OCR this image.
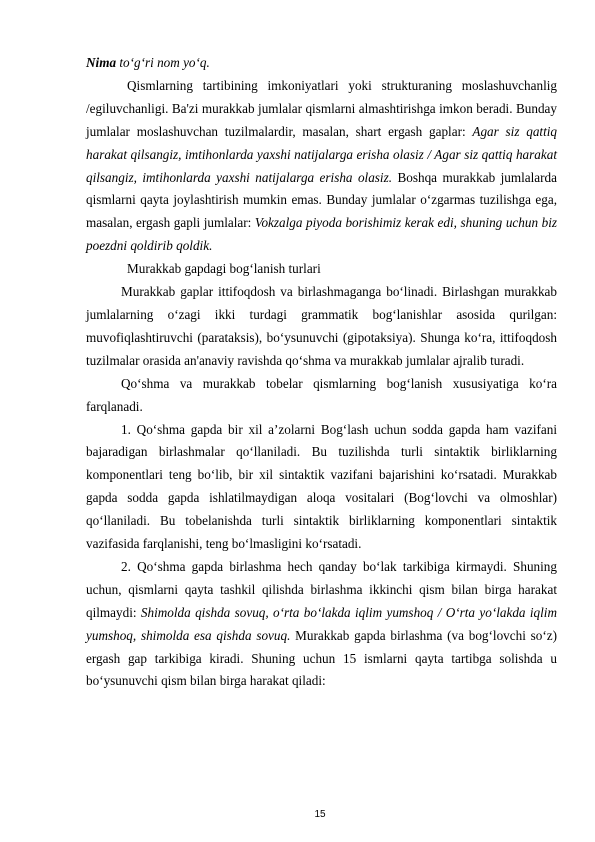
Nima to‘g‘ri nom yo‘q.

Qismlarning tartibining imkoniyatlari yoki strukturaning moslashuvchanlig /egiluvchanligi. Ba'zi murakkab jumlalar qismlarni almashtirishga imkon beradi. Bunday jumlalar moslashuvchan tuzilmalardir, masalan, shart ergash gaplar: Agar siz qattiq harakat qilsangiz, imtihonlarda yaxshi natijalarga erisha olasiz / Agar siz qattiq harakat qilsangiz, imtihonlarda yaxshi natijalarga erisha olasiz. Boshqa murakkab jumlalarda qismlarni qayta joylashtirish mumkin emas. Bunday jumlalar o‘zgarmas tuzilishga ega, masalan, ergash gapli jumlalar: Vokzalga piyoda borishimiz kerak edi, shuning uchun biz poezdni qoldirib qoldik.

Murakkab gapdagi bog‘lanish turlari

Murakkab gaplar ittifoqdosh va birlashmaganga bo‘linadi. Birlashgan murakkab jumlalarning o‘zagi ikki turdagi grammatik bog‘lanishlar asosida qurilgan: muvofiqlashtiruvchi (parataksis), bo‘ysunuvchi (gipotaksiya). Shunga ko‘ra, ittifoqdosh tuzilmalar orasida an'anaviy ravishda qo‘shma va murakkab jumlalar ajralib turadi.

Qo‘shma va murakkab tobelar qismlarning bog‘lanish xususiyatiga ko‘ra farqlanadi.

1. Qo‘shma gapda bir xil a’zolarni Bog‘lash uchun sodda gapda ham vazifani bajaradigan birlashmalar qo‘llaniladi. Bu tuzilishda turli sintaktik birliklarning komponentlari teng bo‘lib, bir xil sintaktik vazifani bajarishini ko‘rsatadi. Murakkab gapda sodda gapda ishlatilmaydigan aloqa vositalari (Bog‘lovchi va olmoshlar) qo‘llaniladi. Bu tobelanishda turli sintaktik birliklarning komponentlari sintaktik vazifasida farqlanishi, teng bo‘lmasligini ko‘rsatadi.

2. Qo‘shma gapda birlashma hech qanday bo‘lak tarkibiga kirmaydi. Shuning uchun, qismlarni qayta tashkil qilishda birlashma ikkinchi qism bilan birga harakat qilmaydi: Shimolda qishda sovuq, o‘rta bo‘lakda iqlim yumshoq / O‘rta yo‘lakda iqlim yumshoq, shimolda esa qishda sovuq. Murakkab gapda birlashma (va bog‘lovchi so‘z) ergash gap tarkibiga kiradi. Shuning uchun 15 ismlarni qayta tartibga solishda u bo‘ysunuvchi qism bilan birga harakat qiladi:

15
